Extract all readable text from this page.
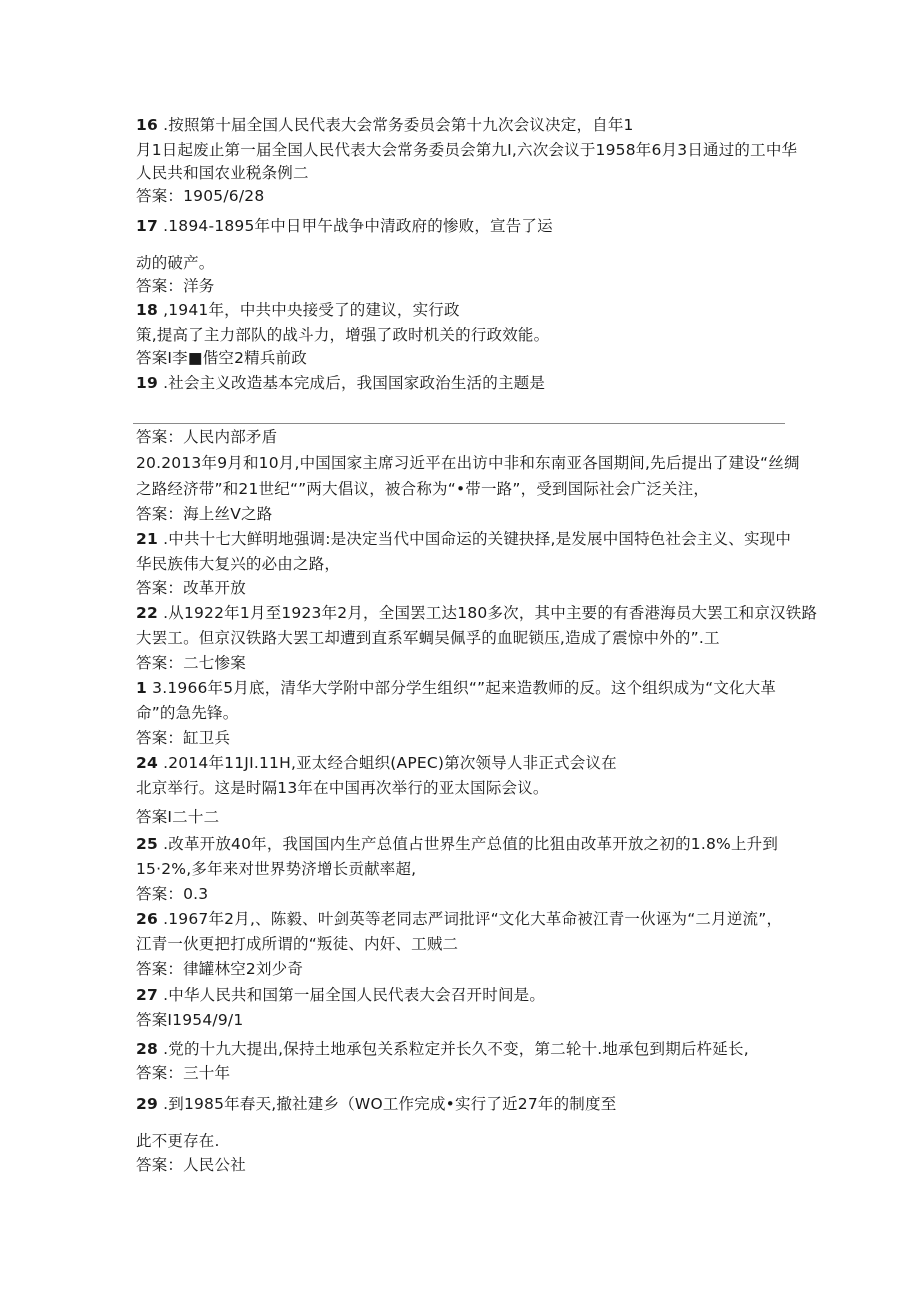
16 .按照第十届全国人民代表大会常务委员会第十九次会议决定，自年1
月1日起废止第一届全国人民代表大会常务委员会第九I,六次会议于1958年6月3日通过的工中华
人民共和国农业税条例二
答案：1905/6/28
17 .1894-1895年中日甲午战争中清政府的惨败，宣告了运
动的破产。
答案：洋务
18 ,1941年，中共中央接受了的建议，实行政
策,提高了主力部队的战斗力，增强了政时机关的行政效能。
答案I李■偕空2精兵前政
19 .社会主义改造基本完成后，我国国家政治生活的主题是
答案：人民内部矛盾
20.2013年9月和10月,中国国家主席习近平在出访中非和东南亚各国期间,先后提出了建设“丝绸
之路经济带”和21世纪“”两大倡议，被合称为“•带一路”，受到国际社会广泛关注，
答案：海上丝V之路
21 .中共十七大鲜明地强调:是决定当代中国命运的关键抉择,是发展中国特色社会主义、实现中
华民族伟大复兴的必由之路，
答案：改革开放
22 .从1922年1月至1923年2月，全国罢工达180多次，其中主要的有香港海员大罢工和京汉铁路
大罢工。但京汉铁路大罢工却遭到直系军蜩吴佩孚的血昵锁压,造成了震惊中外的”.工
答案：二七惨案
1 3.1966年5月底，清华大学附中部分学生组织“”起来造教师的反。这个组织成为“文化大革
命”的急先锋。
答案：缸卫兵
24 .2014年11JI.11H,亚太经合蛆织(APEC)第次领导人非正式会议在
北京举行。这是时隔13年在中国再次举行的亚太国际会议。
答案I二十二
25 .改革开放40年，我国国内生产总值占世界生产总值的比狙由改革开放之初的1.8%上升到
15·2%,多年来对世界势济增长贡献率超,
答案：0.3
26 .1967年2月,、陈毅、叶剑英等老同志严词批评“文化大革命被江青一伙诬为“二月逆流”，
江青一伙更把打成所谓的“叛徒、内奸、工贼二
答案：律罐林空2刘少奇
27 .中华人民共和国第一届全国人民代表大会召开时间是。
答案I1954/9/1
28 .党的十九大提出,保持土地承包关系粒定并长久不变，第二轮十.地承包到期后杵延长,
答案：三十年
29 .到1985年春天,撤社建乡（WO工作完成•实行了近27年的制度至
此不更存在.
答案：人民公社
